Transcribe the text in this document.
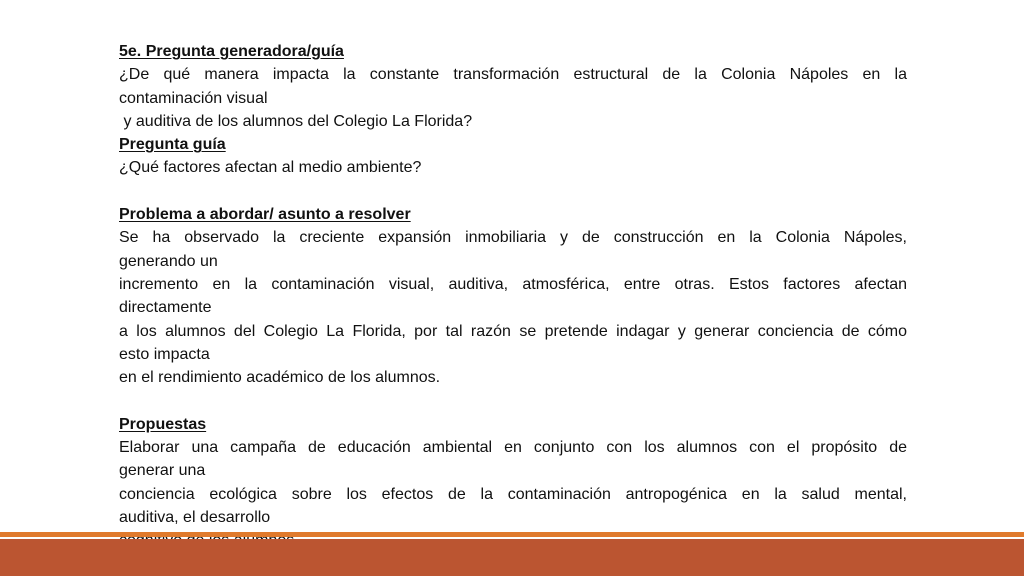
5e. Pregunta generadora/guía
¿De qué manera impacta la constante transformación estructural de la Colonia Nápoles en la
contaminación visual
y auditiva de los alumnos del Colegio La Florida?
Pregunta guía
¿Qué factores afectan al medio ambiente?
Problema a abordar/ asunto a resolver
Se ha observado la creciente expansión inmobiliaria y de construcción en la Colonia Nápoles,
generando un
incremento en la contaminación visual, auditiva, atmosférica, entre otras. Estos factores afectan
directamente
a los alumnos del Colegio La Florida, por tal razón se pretende indagar y generar conciencia de cómo
esto impacta
en el rendimiento académico de los alumnos.
Propuestas
Elaborar una campaña de educación ambiental en conjunto con los alumnos con el propósito de
generar una
conciencia ecológica sobre los efectos de la contaminación antropogénica en la salud mental,
auditiva, el desarrollo
